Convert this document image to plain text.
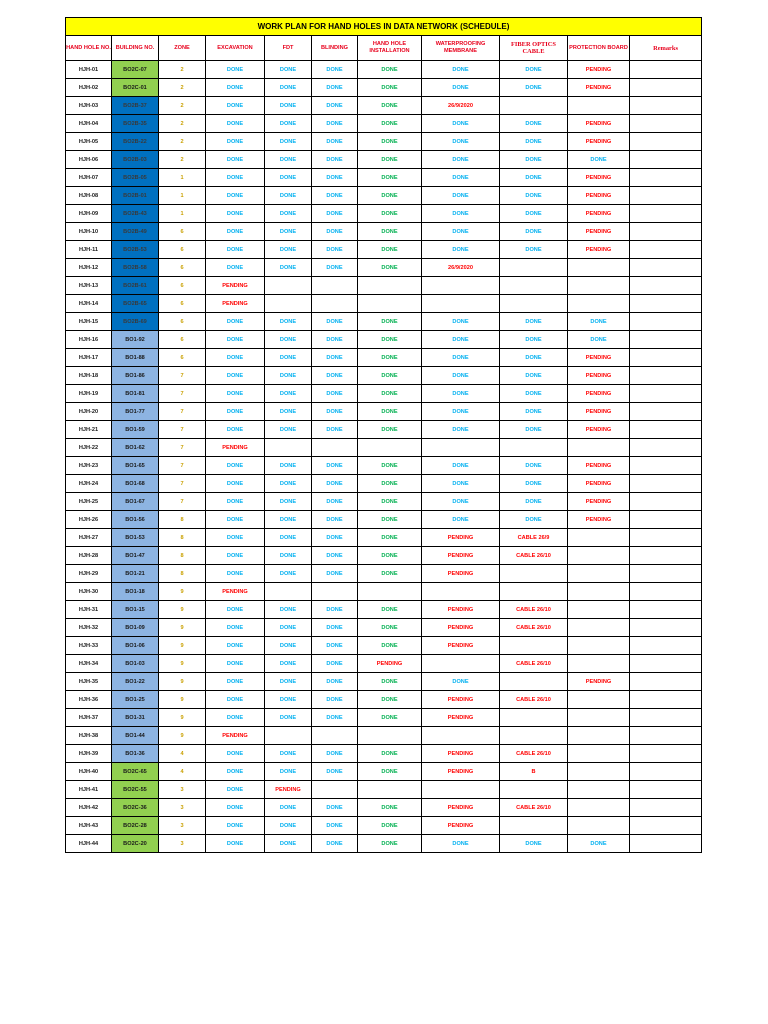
WORK PLAN FOR HAND HOLES IN DATA NETWORK (SCHEDULE)										
HAND HOLE NO.	BUILDING NO.	ZONE	EXCAVATION	FDT	BLINDING	HAND HOLE INSTALLATION	WATERPROOFING MEMBRANE	FIBER OPTICS CABLE	PROTECTION BOARD	Remarks
HJH-01	BO2C-07	2	DONE	DONE	DONE	DONE	DONE	DONE	PENDING	
HJH-02	BO2C-01	2	DONE	DONE	DONE	DONE	DONE	DONE	PENDING	
HJH-03	BO2B-37	2	DONE	DONE	DONE	DONE	26/9/2020			
HJH-04	BO2B-35	2	DONE	DONE	DONE	DONE	DONE	DONE	PENDING	
HJH-05	BO2B-22	2	DONE	DONE	DONE	DONE	DONE	DONE	PENDING	
HJH-06	BO2B-03	2	DONE	DONE	DONE	DONE	DONE	DONE	DONE	
HJH-07	BO2B-05	1	DONE	DONE	DONE	DONE	DONE	DONE	PENDING	
HJH-08	BO2B-01	1	DONE	DONE	DONE	DONE	DONE	DONE	PENDING	
HJH-09	BO2B-43	1	DONE	DONE	DONE	DONE	DONE	DONE	PENDING	
HJH-10	BO2B-49	6	DONE	DONE	DONE	DONE	DONE	DONE	PENDING	
HJH-11	BO2B-53	6	DONE	DONE	DONE	DONE	DONE	DONE	PENDING	
HJH-12	BO2B-58	6	DONE	DONE	DONE	DONE	26/9/2020			
HJH-13	BO2B-61	6	PENDING							
HJH-14	BO2B-65	6	PENDING							
HJH-15	BO2B-69	6	DONE	DONE	DONE	DONE	DONE	DONE	DONE	
HJH-16	BO1-92	6	DONE	DONE	DONE	DONE	DONE	DONE	DONE	
HJH-17	BO1-88	6	DONE	DONE	DONE	DONE	DONE	DONE	PENDING	
HJH-18	BO1-86	7	DONE	DONE	DONE	DONE	DONE	DONE	PENDING	
HJH-19	BO1-81	7	DONE	DONE	DONE	DONE	DONE	DONE	PENDING	
HJH-20	BO1-77	7	DONE	DONE	DONE	DONE	DONE	DONE	PENDING	
HJH-21	BO1-59	7	DONE	DONE	DONE	DONE	DONE	DONE	PENDING	
HJH-22	BO1-62	7	PENDING							
HJH-23	BO1-65	7	DONE	DONE	DONE	DONE	DONE	DONE	PENDING	
HJH-24	BO1-68	7	DONE	DONE	DONE	DONE	DONE	DONE	PENDING	
HJH-25	BO1-67	7	DONE	DONE	DONE	DONE	DONE	DONE	PENDING	
HJH-26	BO1-56	8	DONE	DONE	DONE	DONE	DONE	DONE	PENDING	
HJH-27	BO1-53	8	DONE	DONE	DONE	DONE	PENDING	CABLE 26/9		
HJH-28	BO1-47	8	DONE	DONE	DONE	DONE	PENDING	CABLE 26/10		
HJH-29	BO1-21	8	DONE	DONE	DONE	DONE	PENDING			
HJH-30	BO1-18	9	PENDING							
HJH-31	BO1-15	9	DONE	DONE	DONE	DONE	PENDING	CABLE 26/10		
HJH-32	BO1-09	9	DONE	DONE	DONE	DONE	PENDING	CABLE 26/10		
HJH-33	BO1-06	9	DONE	DONE	DONE	DONE	PENDING			
HJH-34	BO1-03	9	DONE	DONE	DONE	PENDING		CABLE 26/10		
HJH-35	BO1-22	9	DONE	DONE	DONE	DONE	DONE		PENDING	
HJH-36	BO1-25	9	DONE	DONE	DONE	DONE	PENDING	CABLE 26/10		
HJH-37	BO1-31	9	DONE	DONE	DONE	DONE	PENDING			
HJH-38	BO1-44	9	PENDING							
HJH-39	BO1-36	4	DONE	DONE	DONE	DONE	PENDING	CABLE 26/10		
HJH-40	BO2C-65	4	DONE	DONE	DONE	DONE	PENDING	B		
HJH-41	BO2C-55	3	DONE	PENDING						
HJH-42	BO2C-36	3	DONE	DONE	DONE	DONE	PENDING	CABLE 26/10		
HJH-43	BO2C-28	3	DONE	DONE	DONE	DONE	PENDING			
HJH-44	BO2C-20	3	DONE	DONE	DONE	DONE	DONE	DONE	DONE	
